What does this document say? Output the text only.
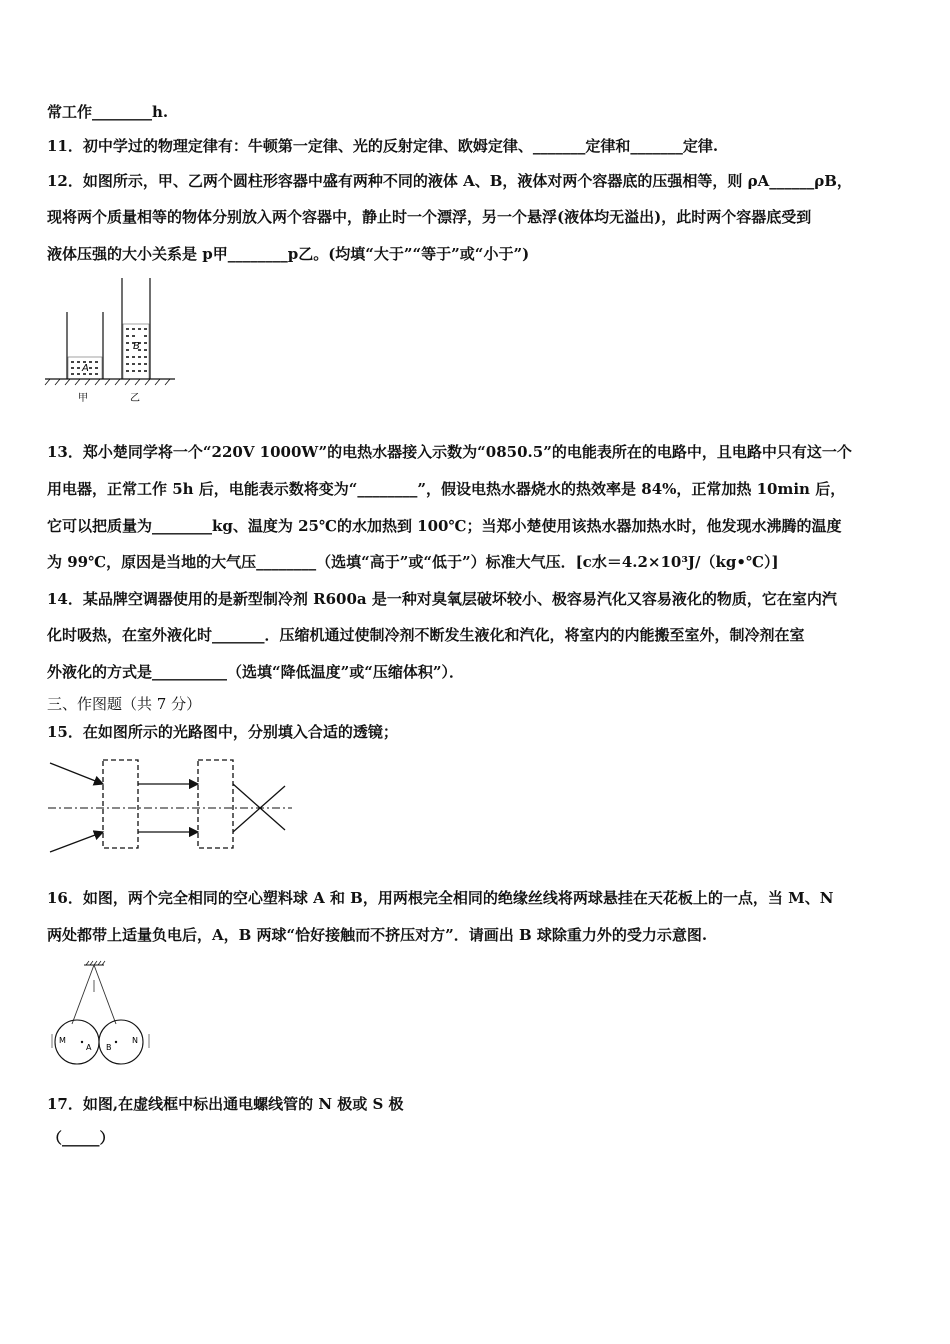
常工作________h.
11．初中学过的物理定律有：牛顿第一定律、光的反射定律、欧姆定律、_______定律和_______定律.
12．如图所示，甲、乙两个圆柱形容器中盛有两种不同的液体 A、B，液体对两个容器底的压强相等，则 ρA______ρB，
现将两个质量相等的物体分别放入两个容器中，静止时一个漂浮，另一个悬浮(液体均无溢出)，此时两个容器底受到
液体压强的大小关系是 p甲________p乙。(均填“大于”“等于”或“小于”)
A
B
甲	乙
13．郑小楚同学将一个“220V 1000W”的电热水器接入示数为“0850.5”的电能表所在的电路中，且电路中只有这一个
用电器，正常工作 5h 后，电能表示数将变为“________”，假设电热水器烧水的热效率是 84%，正常加热 10min 后，
它可以把质量为________kg、温度为 25℃的水加热到 100℃；当郑小楚使用该热水器加热水时，他发现水沸腾的温度
为 99℃，原因是当地的大气压________（选填“高于”或“低于”）标准大气压．[c水＝4.2×10³J/（kg•℃）]
14．某品牌空调器使用的是新型制冷剂 R600a 是一种对臭氧层破坏较小、极容易汽化又容易液化的物质，它在室内汽
化时吸热，在室外液化时_______．压缩机通过使制冷剂不断发生液化和汽化，将室内的内能搬至室外，制冷剂在室
外液化的方式是__________（选填“降低温度”或“压缩体积”）．
三、作图题（共 7 分）
15．在如图所示的光路图中，分别填入合适的透镜；
16．如图，两个完全相同的空心塑料球 A 和 B，用两根完全相同的绝缘丝线将两球悬挂在天花板上的一点，当 M、N
两处都带上适量负电后，A，B 两球“恰好接触而不挤压对方”．请画出 B 球除重力外的受力示意图.
M
A B
N
17．如图,在虚线框中标出通电螺线管的 N 极或 S 极
（_____）
